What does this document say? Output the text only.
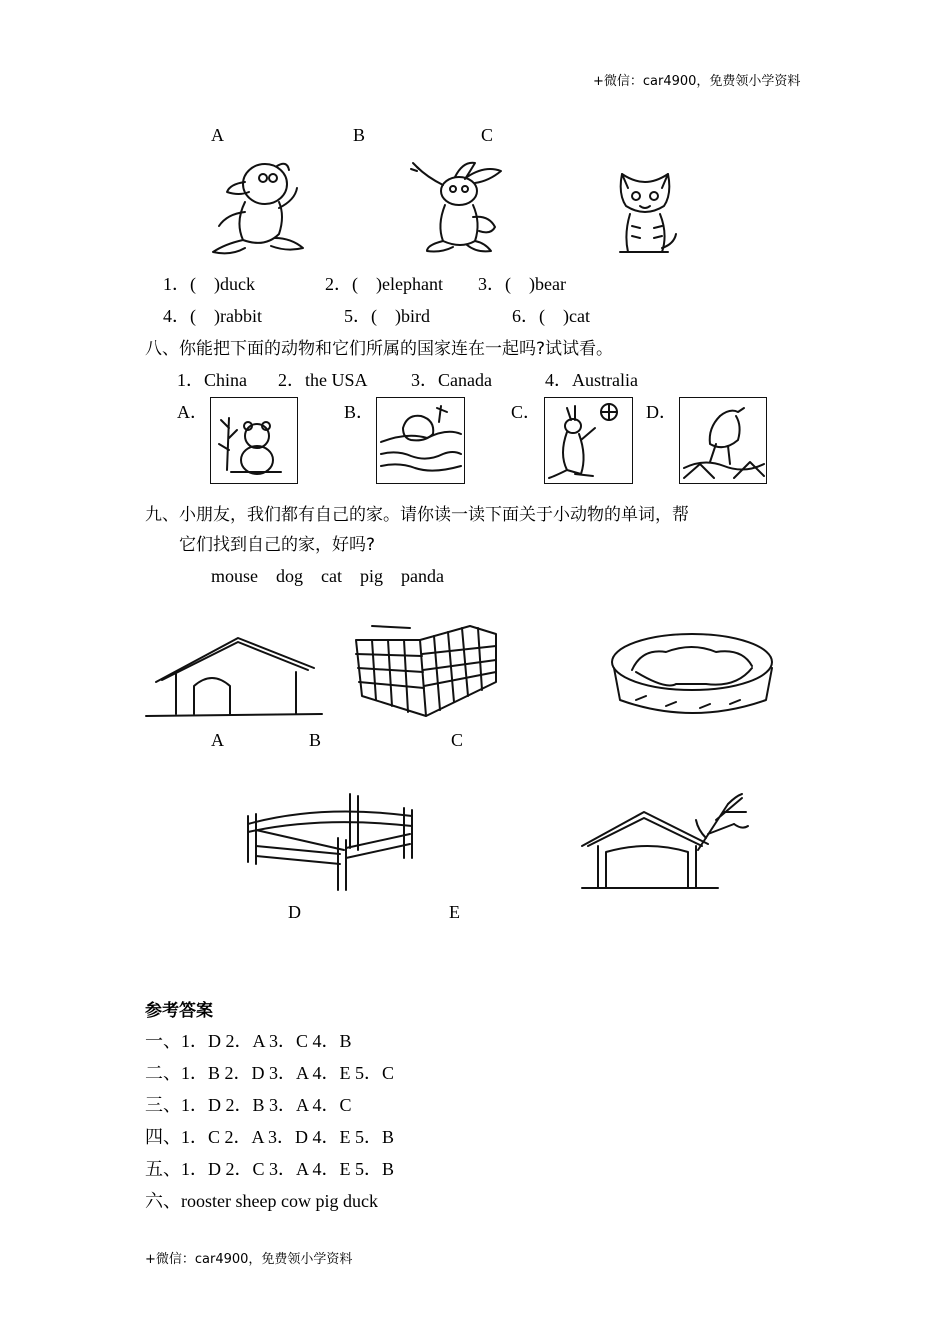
+微信：car4900，免费领小学资料
A	B	C
1．(　)duck	2．(　)elephant 3．(　)bear
4．(　)rabbit	5．(　)bird	6．(　)cat
八、你能把下面的动物和它们所属的国家连在一起吗?试试看。
1．China 2．the USA 3．Canada	4．Australia
A．	B．	C．	D．
九、小朋友，我们都有自己的家。请你读一读下面关于小动物的单词，帮
它们找到自己的家，好吗?
mouse　dog　cat　pig　panda
A	B	C
D	E
参考答案
一、1．D 2．A 3．C 4．B
二、1．B 2．D 3．A 4．E 5．C
三、1．D 2．B 3．A 4．C
四、1．C 2．A 3．D 4．E 5．B
五、1．D 2．C 3．A 4．E 5．B
六、rooster sheep cow pig duck
+微信：car4900，免费领小学资料
